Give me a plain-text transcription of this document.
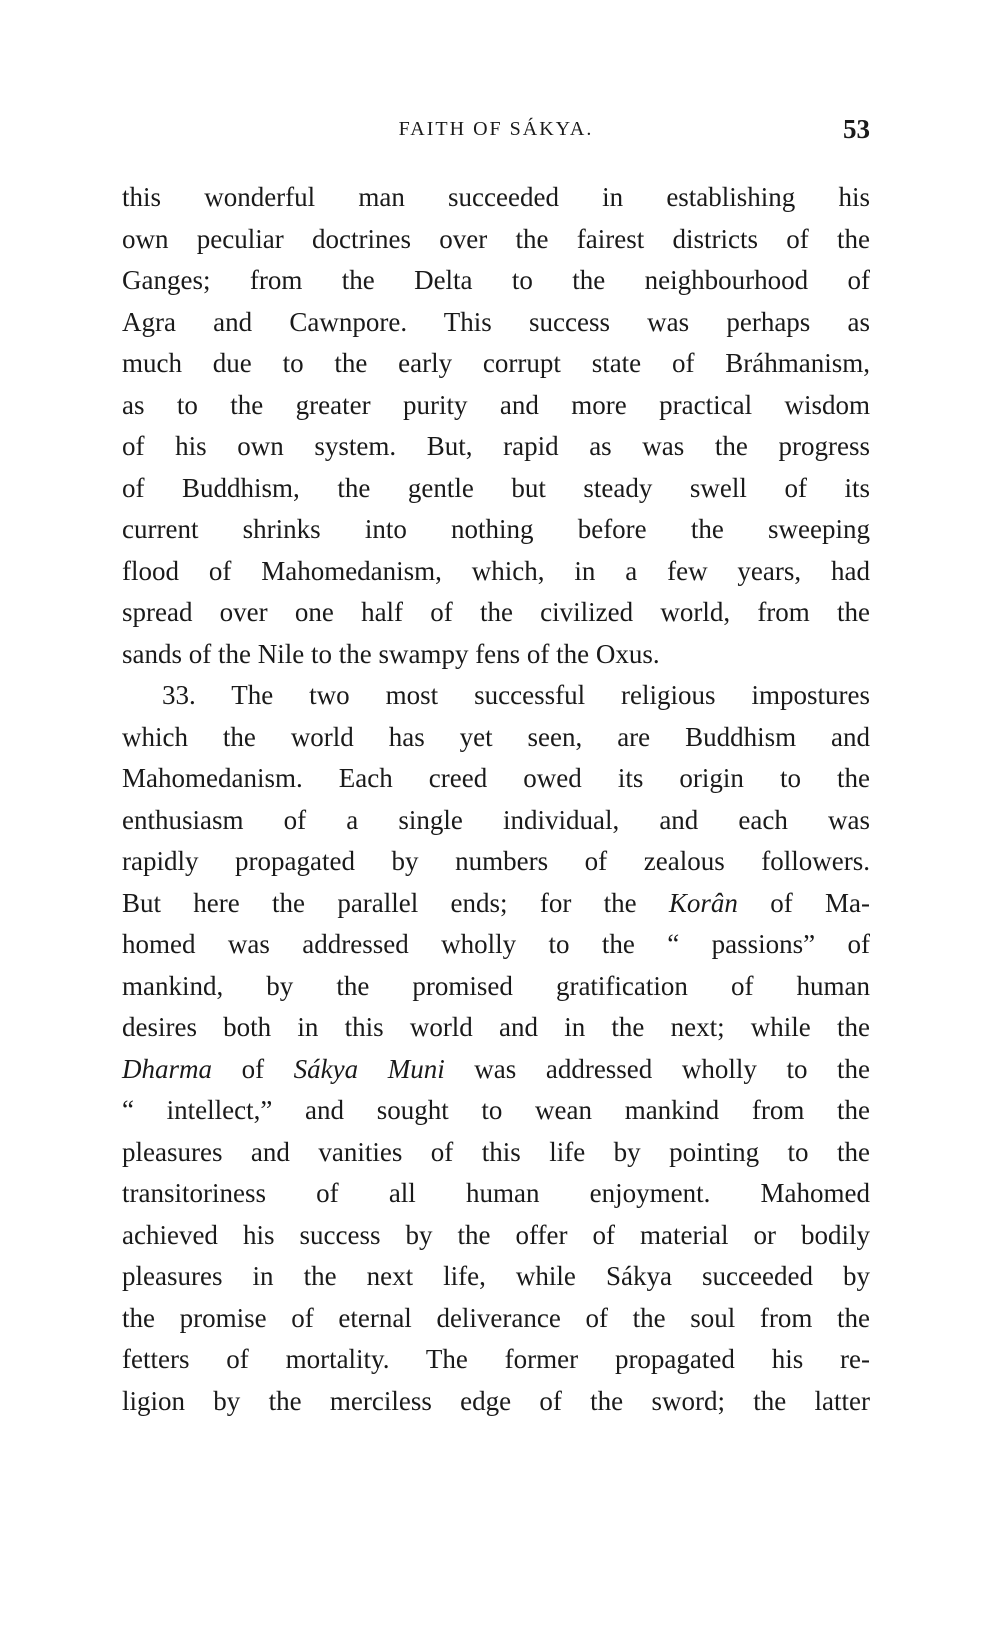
FAITH OF SÁKYA.	53
this wonderful man succeeded in establishing his
own peculiar doctrines over the fairest districts of the
Ganges; from the Delta to the neighbourhood of
Agra and Cawnpore. This success was perhaps as
much due to the early corrupt state of Bráhmanism,
as to the greater purity and more practical wisdom
of his own system. But, rapid as was the progress
of Buddhism, the gentle but steady swell of its
current shrinks into nothing before the sweeping
flood of Mahomedanism, which, in a few years, had
spread over one half of the civilized world, from the
sands of the Nile to the swampy fens of the Oxus.
33. The two most successful religious impostures
which the world has yet seen, are Buddhism and
Mahomedanism. Each creed owed its origin to the
enthusiasm of a single individual, and each was
rapidly propagated by numbers of zealous followers.
But here the parallel ends; for the Korân of Ma-
homed was addressed wholly to the “ passions” of
mankind, by the promised gratification of human
desires both in this world and in the next; while the
Dharma of Sákya Muni was addressed wholly to the
“ intellect,” and sought to wean mankind from the
pleasures and vanities of this life by pointing to the
transitoriness of all human enjoyment. Mahomed
achieved his success by the offer of material or bodily
pleasures in the next life, while Sákya succeeded by
the promise of eternal deliverance of the soul from the
fetters of mortality. The former propagated his re-
ligion by the merciless edge of the sword; the latter
